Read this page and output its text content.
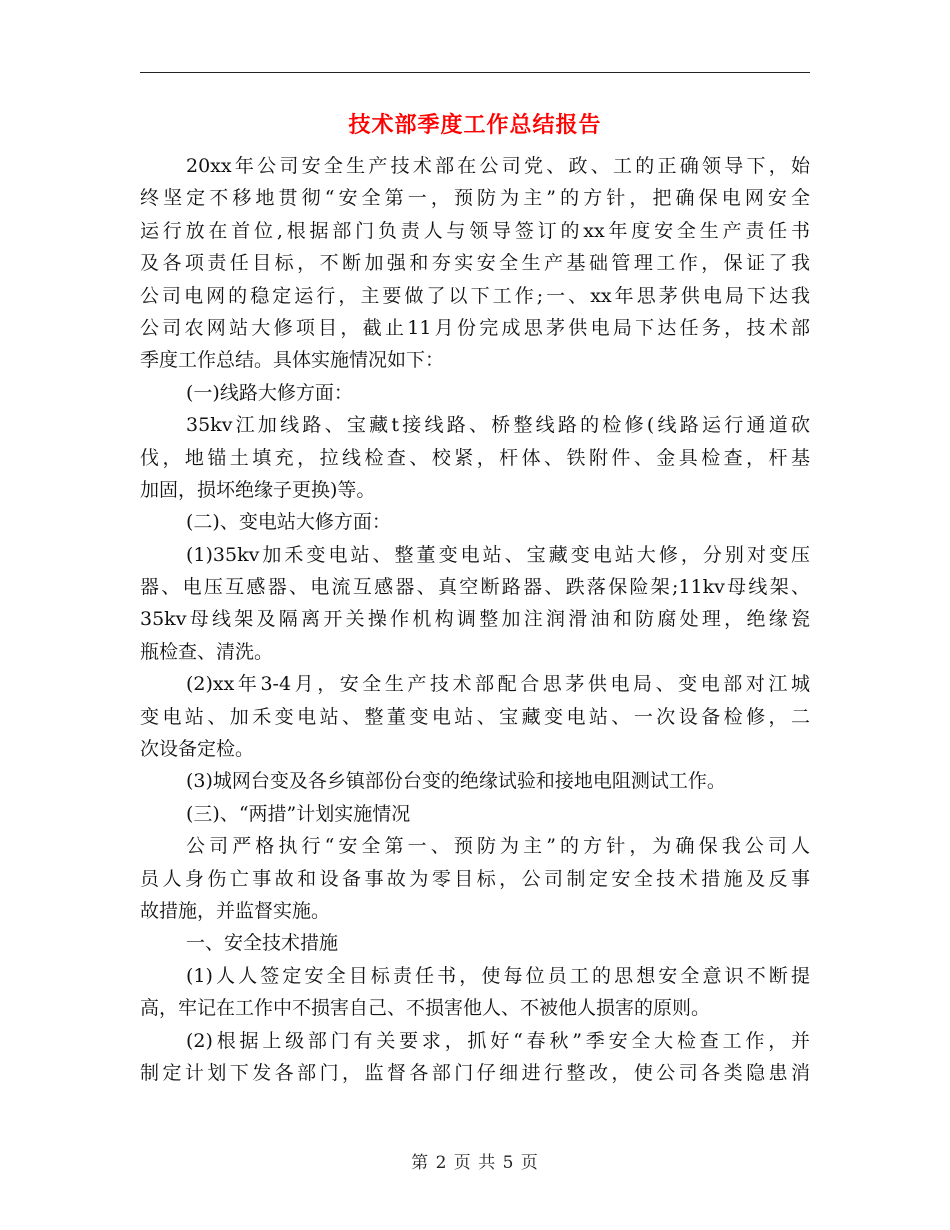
技术部季度工作总结报告
20xx年公司安全生产技术部在公司党、政、工的正确领导下，始
终坚定不移地贯彻“安全第一，预防为主”的方针，把确保电网安全
运行放在首位,根据部门负责人与领导签订的xx年度安全生产责任书
及各项责任目标，不断加强和夯实安全生产基础管理工作，保证了我
公司电网的稳定运行，主要做了以下工作;一、xx年思茅供电局下达我
公司农网站大修项目，截止11月份完成思茅供电局下达任务，技术部
季度工作总结。具体实施情况如下：
(一)线路大修方面：
35kv江加线路、宝藏t接线路、桥整线路的检修(线路运行通道砍
伐，地锚土填充，拉线检查、校紧，杆体、铁附件、金具检查，杆基
加固，损坏绝缘子更换)等。
(二)、变电站大修方面：
(1)35kv加禾变电站、整董变电站、宝藏变电站大修，分别对变压
器、电压互感器、电流互感器、真空断路器、跌落保险架;11kv母线架、
35kv母线架及隔离开关操作机构调整加注润滑油和防腐处理，绝缘瓷
瓶检查、清洗。
(2)xx年3-4月，安全生产技术部配合思茅供电局、变电部对江城
变电站、加禾变电站、整董变电站、宝藏变电站、一次设备检修，二
次设备定检。
(3)城网台变及各乡镇部份台变的绝缘试验和接地电阻测试工作。
(三)、“两措”计划实施情况
公司严格执行“安全第一、预防为主”的方针，为确保我公司人
员人身伤亡事故和设备事故为零目标，公司制定安全技术措施及反事
故措施，并监督实施。
一、安全技术措施
(1)人人签定安全目标责任书，使每位员工的思想安全意识不断提
高，牢记在工作中不损害自己、不损害他人、不被他人损害的原则。
(2)根据上级部门有关要求，抓好“春秋”季安全大检查工作，并
制定计划下发各部门，监督各部门仔细进行整改，使公司各类隐患消
第 2 页 共 5 页
